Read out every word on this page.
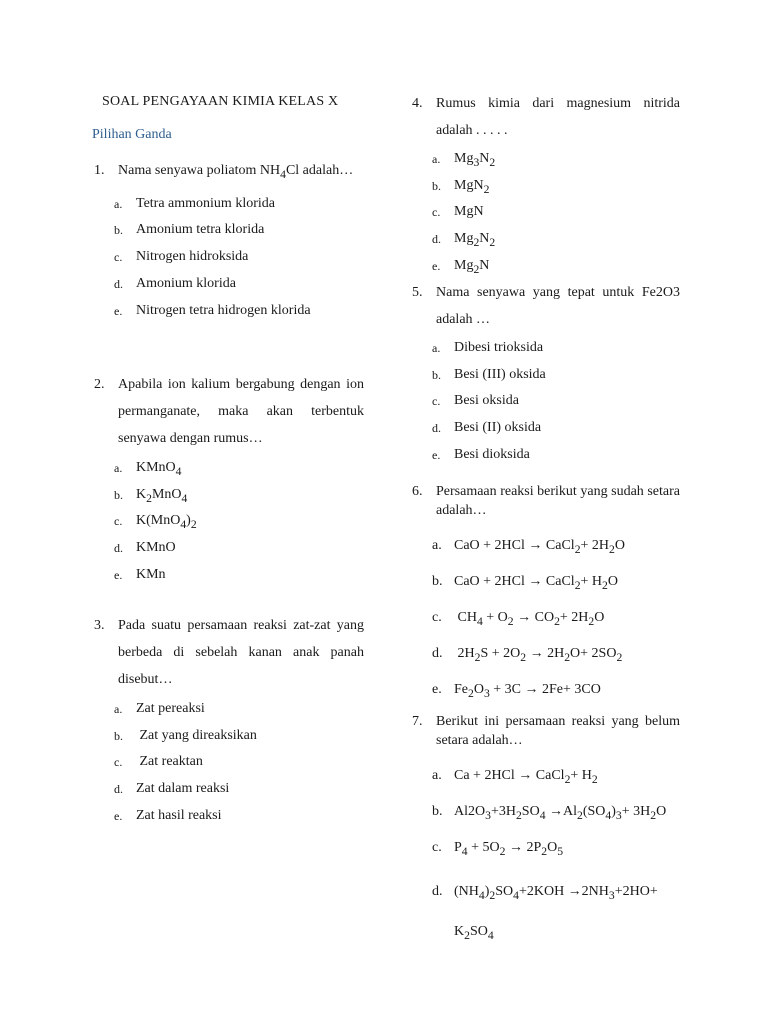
SOAL PENGAYAAN KIMIA KELAS X
Pilihan Ganda
1. Nama senyawa poliatom $NH_4Cl$ adalah…
a. Tetra ammonium klorida
b. Amonium tetra klorida
c. Nitrogen hidroksida
d. Amonium klorida
e. Nitrogen tetra hidrogen klorida
2. Apabila ion kalium bergabung dengan ion permanganate, maka akan terbentuk senyawa dengan rumus…
a. KMnO$_4$
b. $K_2MnO_4$
c. $K(MnO_4)_2$
d. KMnO
e. KMn
3. Pada suatu persamaan reaksi zat-zat yang berbeda di sebelah kanan anak panah disebut…
a. Zat pereaksi
b. Zat yang direaksikan
c. Zat reaktan
d. Zat dalam reaksi
e. Zat hasil reaksi
4. Rumus kimia dari magnesium nitrida adalah . . . . .
a. $Mg_3N_2$
b. MgN$_2$
c. MgN
d. $Mg_2N_2$
e. $Mg_2N$
5. Nama senyawa yang tepat untuk Fe2O3 adalah …
a. Dibesi trioksida
b. Besi (III) oksida
c. Besi oksida
d. Besi (II) oksida
e. Besi dioksida
6. Persamaan reaksi berikut yang sudah setara adalah…
a. CaO + 2HCl → CaCl$_2$+ $2H_2O$
b. CaO + 2HCl → CaCl$_2$+ $H_2O$
c. $CH_4 + O_2 \to CO_2+ 2H_2O$
d. $2H_2S + 2O_2 \to 2H_2O+ 2SO_2$
e. $Fe_2O_3 + 3C \to 2Fe+ 3CO$
7. Berikut ini persamaan reaksi yang belum setara adalah…
a. Ca + 2HCl → CaCl$_2$+ $H_2$
b. $Al2O_3+3H_2SO_4 \to Al_2(SO_4)_3+ 3H_2O$
c. $P_4 + 5O_2 \to 2P_2O_5$
d. $(NH_4)_2SO_4+2KOH \to 2NH_3+2HO+ K_2SO_4$
